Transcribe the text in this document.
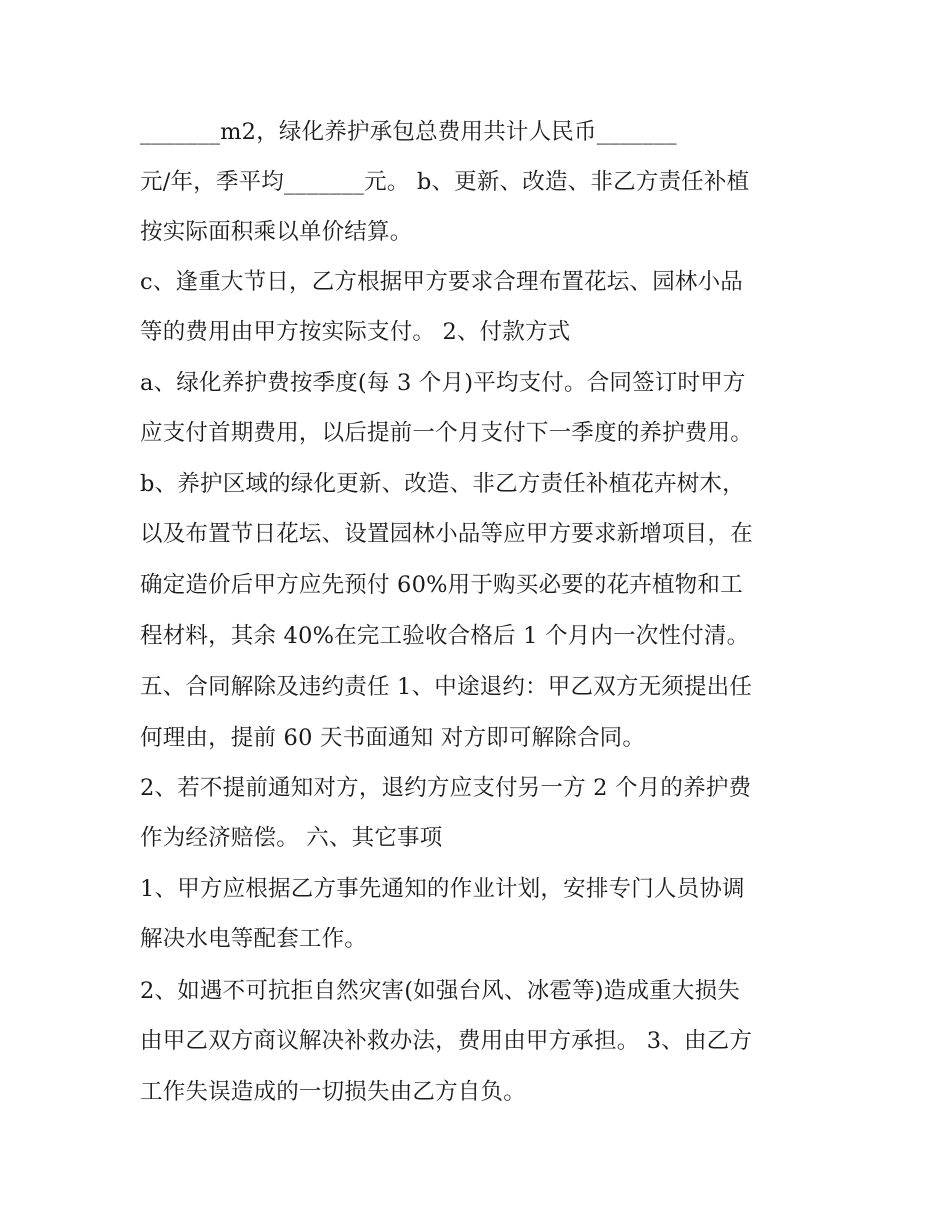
_______m2，绿化养护承包总费用共计人民币_______
元/年，季平均_______元。 b、更新、改造、非乙方责任补植
按实际面积乘以单价结算。
c、逢重大节日，乙方根据甲方要求合理布置花坛、园林小品
等的费用由甲方按实际支付。 2、付款方式
a、绿化养护费按季度(每 3 个月)平均支付。合同签订时甲方
应支付首期费用，以后提前一个月支付下一季度的养护费用。
b、养护区域的绿化更新、改造、非乙方责任补植花卉树木，
以及布置节日花坛、设置园林小品等应甲方要求新增项目，在
确定造价后甲方应先预付 60%用于购买必要的花卉植物和工
程材料，其余 40%在完工验收合格后 1 个月内一次性付清。
五、合同解除及违约责任 1、中途退约：甲乙双方无须提出任
何理由，提前 60 天书面通知 对方即可解除合同。
2、若不提前通知对方，退约方应支付另一方 2 个月的养护费
作为经济赔偿。 六、其它事项
1、甲方应根据乙方事先通知的作业计划，安排专门人员协调
解决水电等配套工作。
2、如遇不可抗拒自然灾害(如强台风、冰雹等)造成重大损失
由甲乙双方商议解决补救办法，费用由甲方承担。 3、由乙方
工作失误造成的一切损失由乙方自负。
